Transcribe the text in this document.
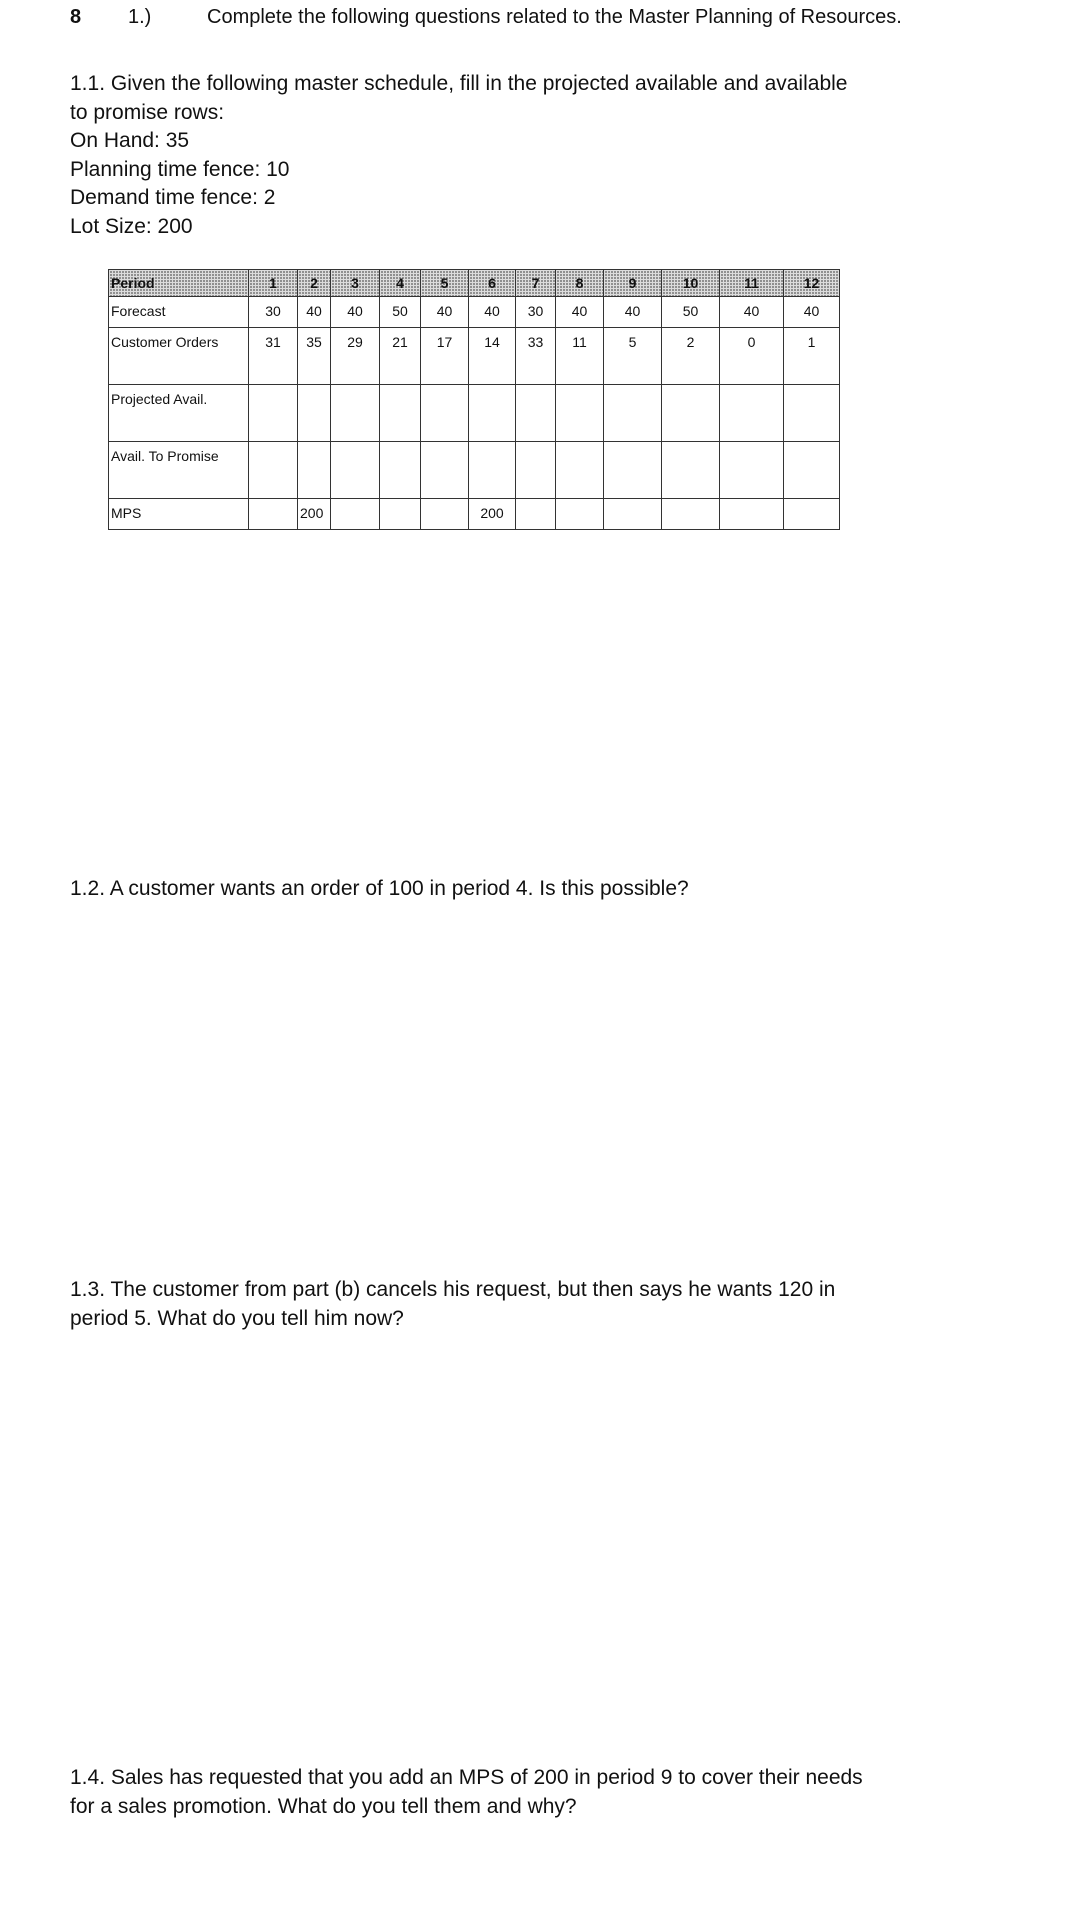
8 1.)	Complete the following questions related to the Master Planning of Resources.
1.1. Given the following master schedule, fill in the projected available and available
to promise rows:
On Hand: 35
Planning time fence: 10
Demand time fence: 2
Lot Size: 200
Period	1	2	3	4	5	6	7	8	9	10	11	12
Forecast	30	40	40	50	40	40	30	40	40	50	40	40
Customer Orders	31	35	29	21	17	14	33	11	5	2	0	1
Projected Avail.												
Avail. To Promise												
MPS		200				200						
1.2. A customer wants an order of 100 in period 4. Is this possible?
1.3. The customer from part (b) cancels his request, but then says he wants 120 in
period 5. What do you tell him now?
1.4. Sales has requested that you add an MPS of 200 in period 9 to cover their needs
for a sales promotion. What do you tell them and why?
